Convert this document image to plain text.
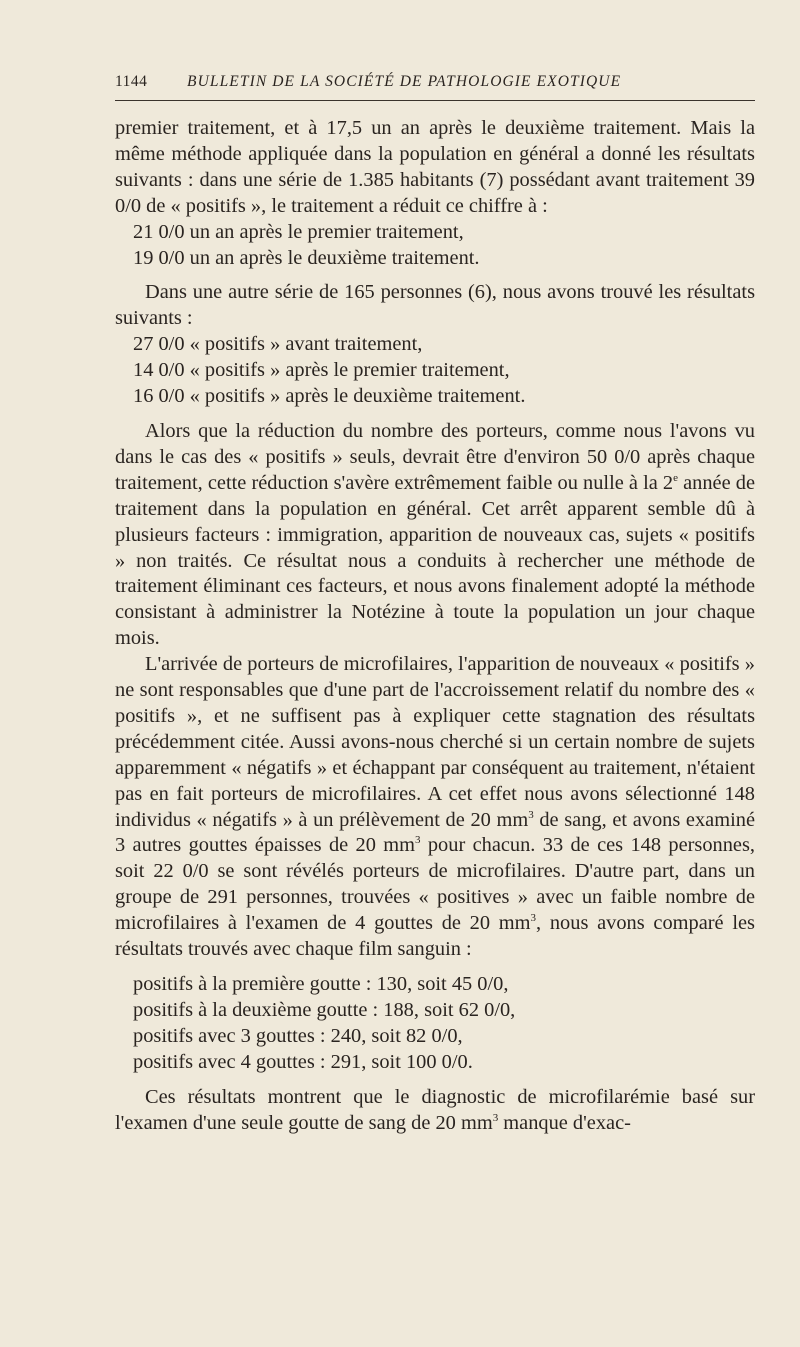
1144	BULLETIN DE LA SOCIÉTÉ DE PATHOLOGIE EXOTIQUE

premier traitement, et à 17,5 un an après le deuxième traitement. Mais la même méthode appliquée dans la population en général a donné les résultats suivants : dans une série de 1.385 habitants (7) possédant avant traitement 39 0/0 de « positifs », le traitement a réduit ce chiffre à :

21 0/0 un an après le premier traitement,
19 0/0 un an après le deuxième traitement.

Dans une autre série de 165 personnes (6), nous avons trouvé les résultats suivants :

27 0/0 « positifs » avant traitement,
14 0/0 « positifs » après le premier traitement,
16 0/0 « positifs » après le deuxième traitement.

Alors que la réduction du nombre des porteurs, comme nous l'avons vu dans le cas des « positifs » seuls, devrait être d'environ 50 0/0 après chaque traitement, cette réduction s'avère extrêmement faible ou nulle à la 2e année de traitement dans la population en général. Cet arrêt apparent semble dû à plusieurs facteurs : immigration, apparition de nouveaux cas, sujets « positifs » non traités. Ce résultat nous a conduits à rechercher une méthode de traitement éliminant ces facteurs, et nous avons finalement adopté la méthode consistant à administrer la Notézine à toute la population un jour chaque mois.

L'arrivée de porteurs de microfilaires, l'apparition de nouveaux « positifs » ne sont responsables que d'une part de l'accroissement relatif du nombre des « positifs », et ne suffisent pas à expliquer cette stagnation des résultats précédemment citée. Aussi avons-nous cherché si un certain nombre de sujets apparemment « négatifs » et échappant par conséquent au traitement, n'étaient pas en fait porteurs de microfilaires. A cet effet nous avons sélectionné 148 individus « négatifs » à un prélèvement de 20 $mm^3$ de sang, et avons examiné 3 autres gouttes épaisses de 20 $mm^3$ pour chacun. 33 de ces 148 personnes, soit 22 0/0 se sont révélés porteurs de microfilaires. D'autre part, dans un groupe de 291 personnes, trouvées « positives » avec un faible nombre de microfilaires à l'examen de 4 gouttes de 20 $mm^3$, nous avons comparé les résultats trouvés avec chaque film sanguin :

positifs à la première goutte : 130, soit 45 0/0,
positifs à la deuxième goutte : 188, soit 62 0/0,
positifs avec 3 gouttes : 240, soit 82 0/0,
positifs avec 4 gouttes : 291, soit 100 0/0.

Ces résultats montrent que le diagnostic de microfilarémie basé sur l'examen d'une seule goutte de sang de 20 $mm^3$ manque d'exac-
